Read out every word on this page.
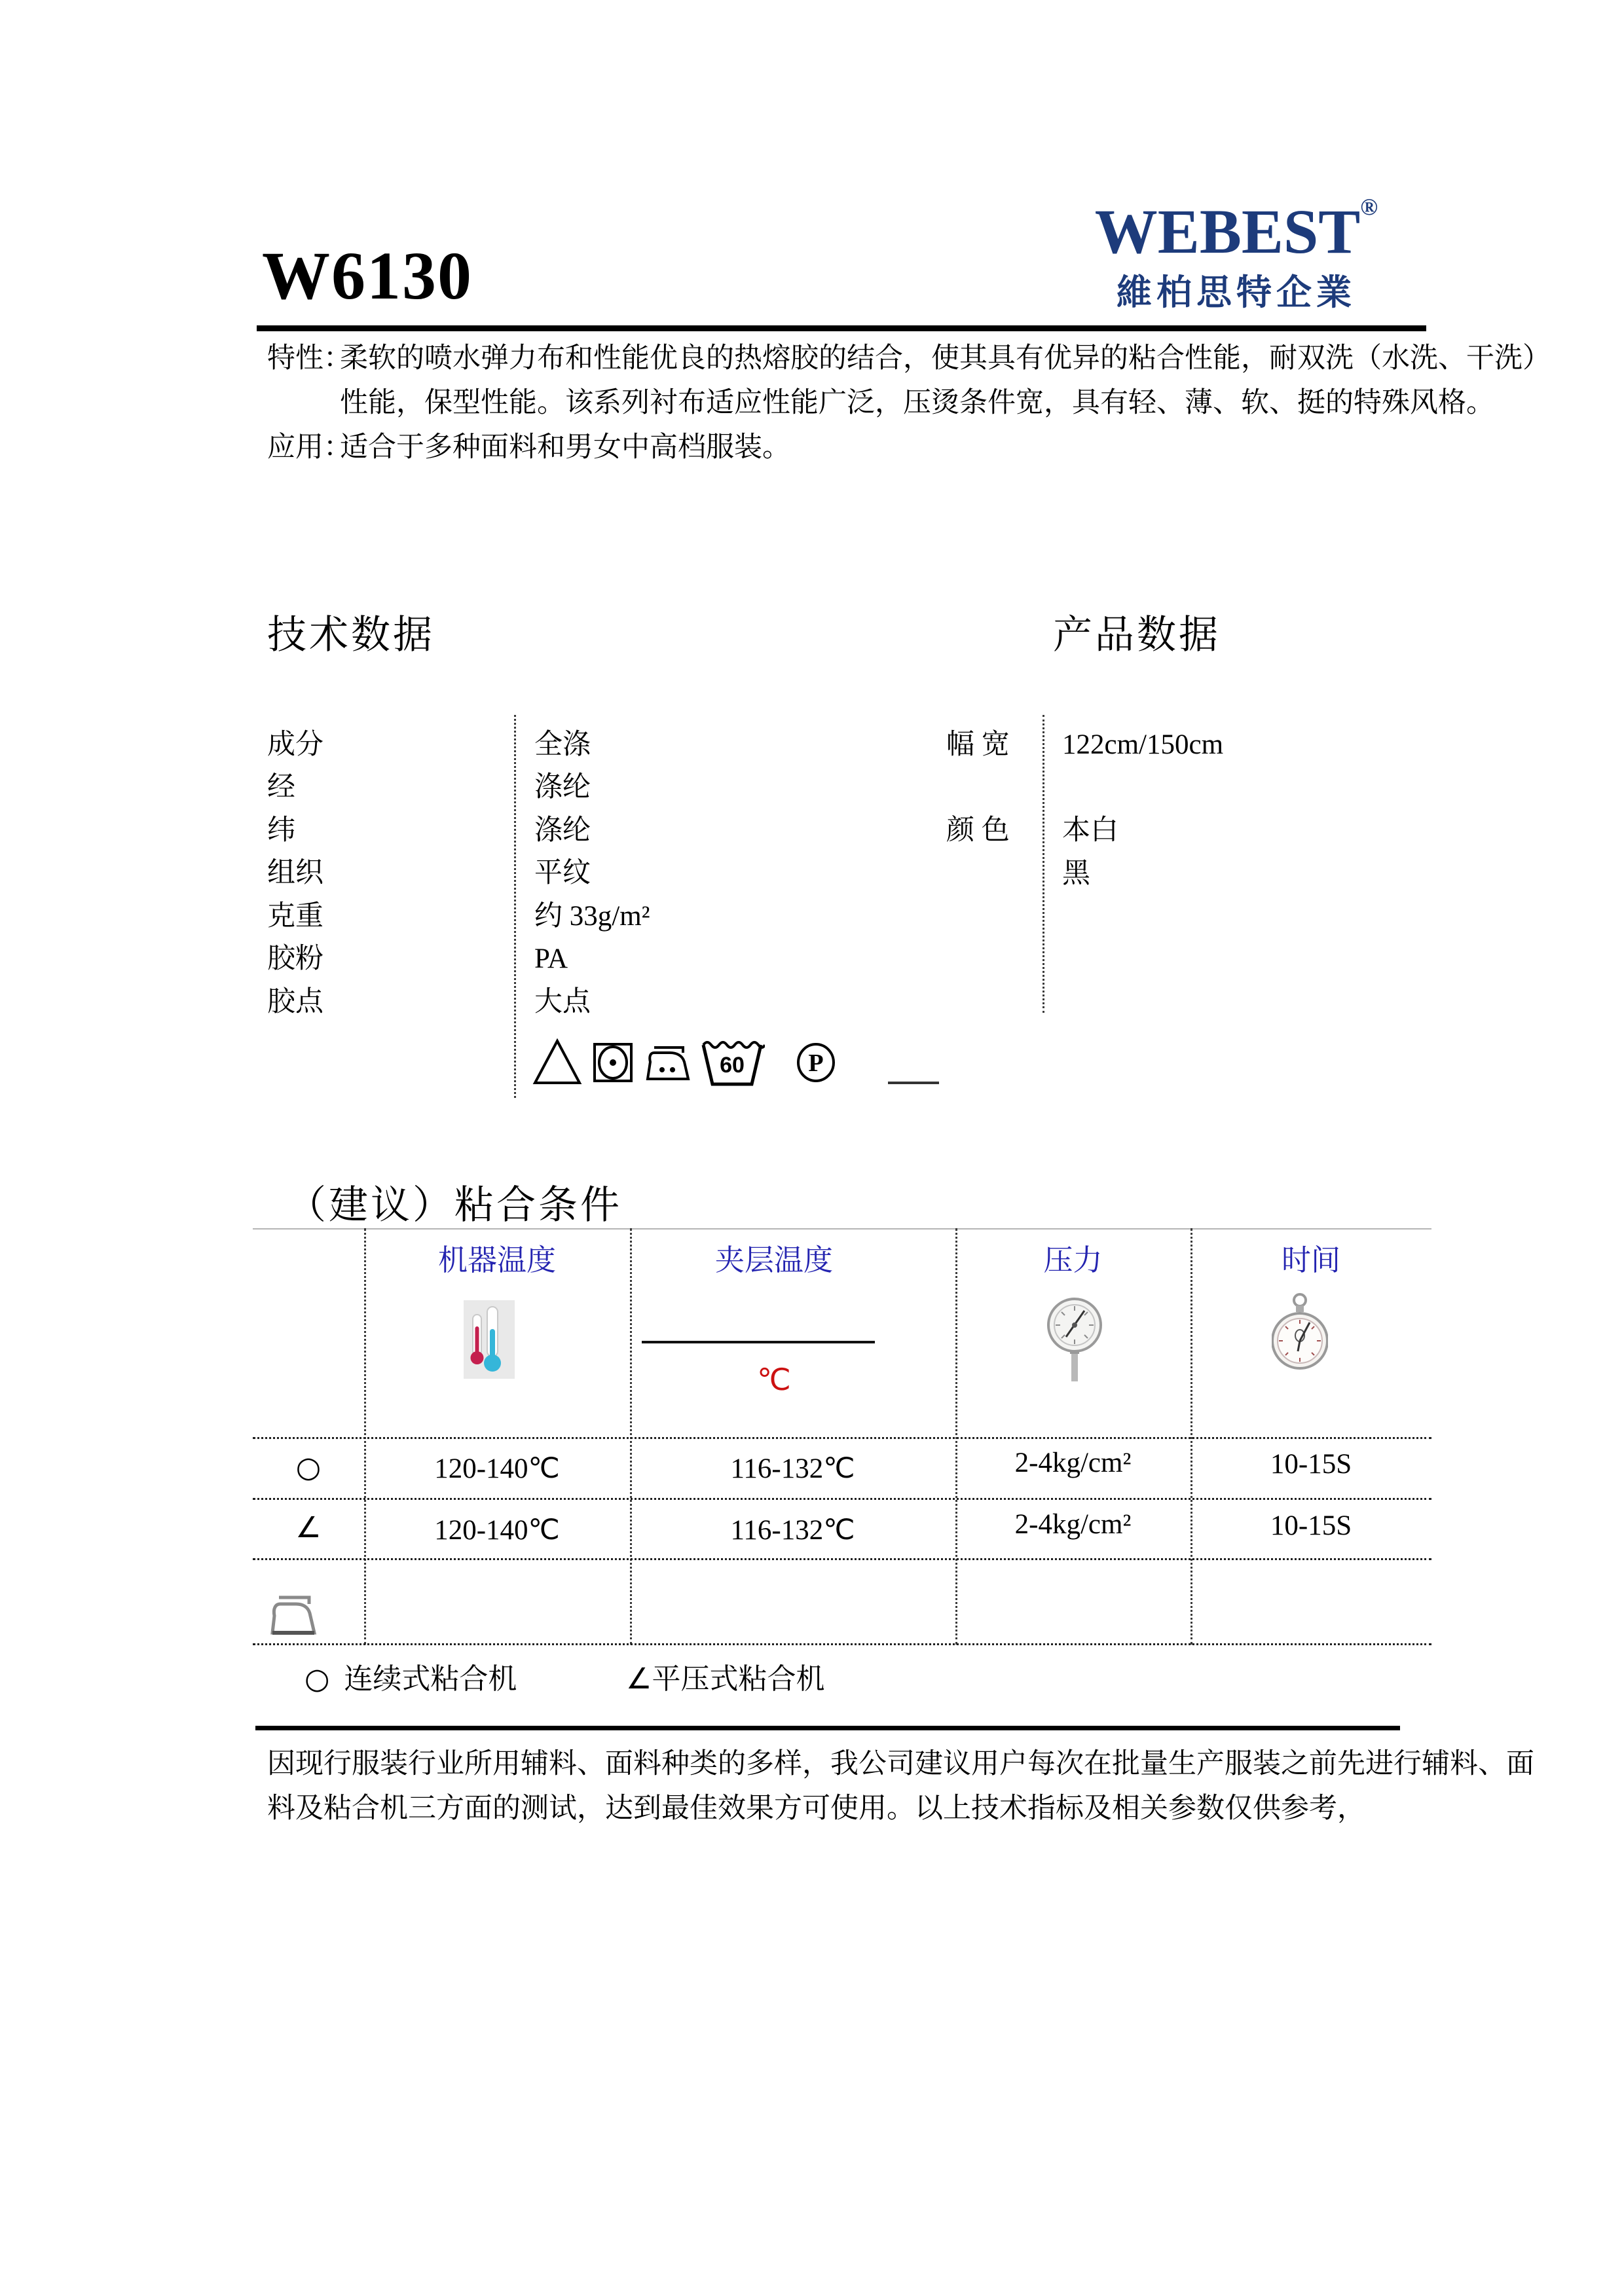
W6130
WEBEST®
維柏思特企業
特性：
柔软的喷水弹力布和性能优良的热熔胶的结合，使其具有优异的粘合性能，耐双洗（水洗、干洗）
性能，保型性能。该系列衬布适应性能广泛，压烫条件宽，具有轻、薄、软、挺的特殊风格。
应用：
适合于多种面料和男女中高档服装。
技术数据	产品数据
成分	全涤
经	涤纶
纬	涤纶
组织	平纹
克重	约 33g/m²
胶粉	PA
胶点	大点
幅 宽 122cm/150cm
颜 色 本白
黑
60	P
（建议）粘合条件
机器温度	夹层温度	压力	时间
℃
○	120-140℃	116-132℃	2-4kg/cm²	10-15S
∠	120-140℃	116-132℃	2-4kg/cm²	10-15S
○ 连续式粘合机	∠平压式粘合机
因现行服装行业所用辅料、面料种类的多样，我公司建议用户每次在批量生产服装之前先进行辅料、面
料及粘合机三方面的测试，达到最佳效果方可使用。以上技术指标及相关参数仅供参考，
